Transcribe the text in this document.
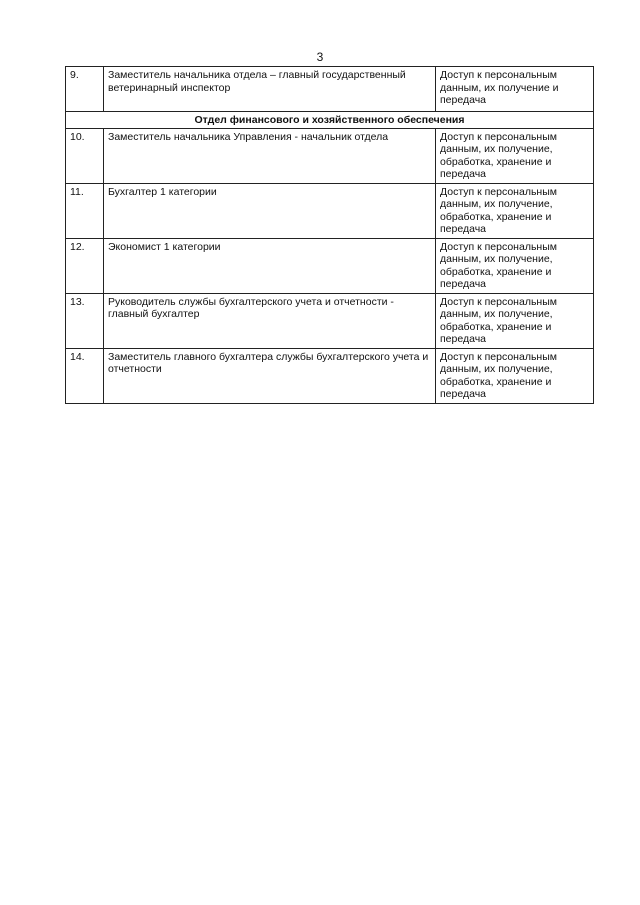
3
9.	Заместитель начальника отдела – главный государственный ветеринарный инспектор	Доступ к персональным данным, их получение и передача
Отдел финансового и хозяйственного обеспечения		
10.	Заместитель начальника Управления - начальник отдела	Доступ к персональным данным, их получение, обработка, хранение и передача
11.	Бухгалтер 1 категории	Доступ к персональным данным, их получение, обработка, хранение и передача
12.	Экономист 1 категории	Доступ к персональным данным, их получение, обработка, хранение и передача
13.	Руководитель службы бухгалтерского учета и отчетности - главный бухгалтер	Доступ к персональным данным, их получение, обработка, хранение и передача
14.	Заместитель главного бухгалтера службы бухгалтерского учета и отчетности	Доступ к персональным данным, их получение, обработка, хранение и передача
